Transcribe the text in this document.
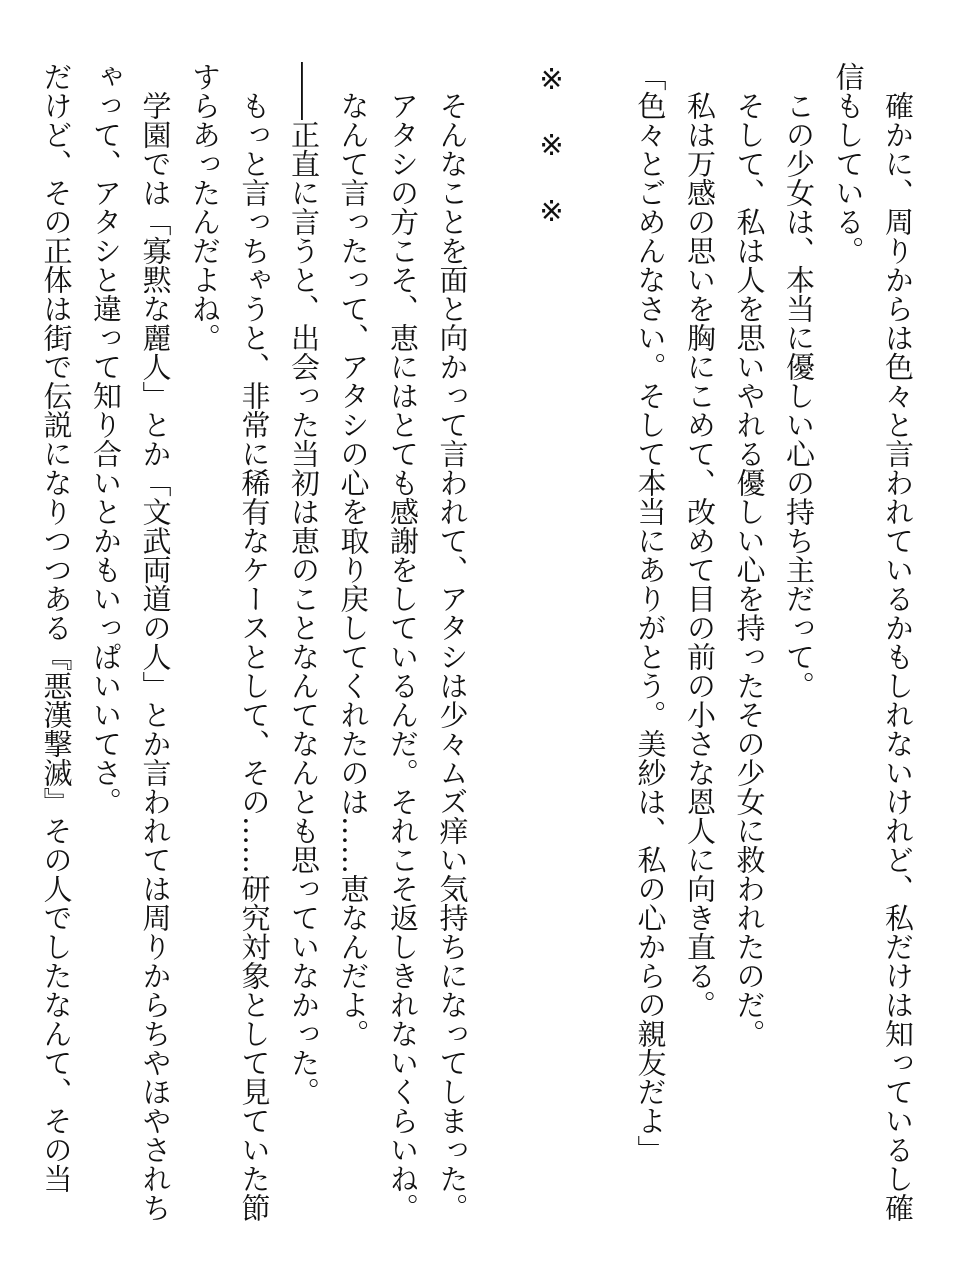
確かに、周りからは色々と言われているかもしれないけれど、私だけは知っているし確信もしている。

この少女は、本当に優しい心の持ち主だって。

そして、私は人を思いやれる優しい心を持ったその少女に救われたのだ。

私は万感の思いを胸にこめて、改めて目の前の小さな恩人に向き直る。

「色々とごめんなさい。そして本当にありがとう。美紗は、私の心からの親友だよ」

※※※

そんなことを面と向かって言われて、アタシは少々ムズ痒い気持ちになってしまった。

アタシの方こそ、恵にはとても感謝をしているんだ。それこそ返しきれないくらいね。

なんて言ったって、アタシの心を取り戻してくれたのは……恵なんだよ。

――正直に言うと、出会った当初は恵のことなんてなんとも思っていなかった。

もっと言っちゃうと、非常に稀有なケースとして、その……研究対象として見ていた節すらあったんだよね。

学園では「寡黙な麗人」とか「文武両道の人」とか言われては周りからちやほやされちゃって、アタシと違って知り合いとかもいっぱいいてさ。

だけど、その正体は街で伝説になりつつある『悪漢撃滅』その人でしたなんて、その当
